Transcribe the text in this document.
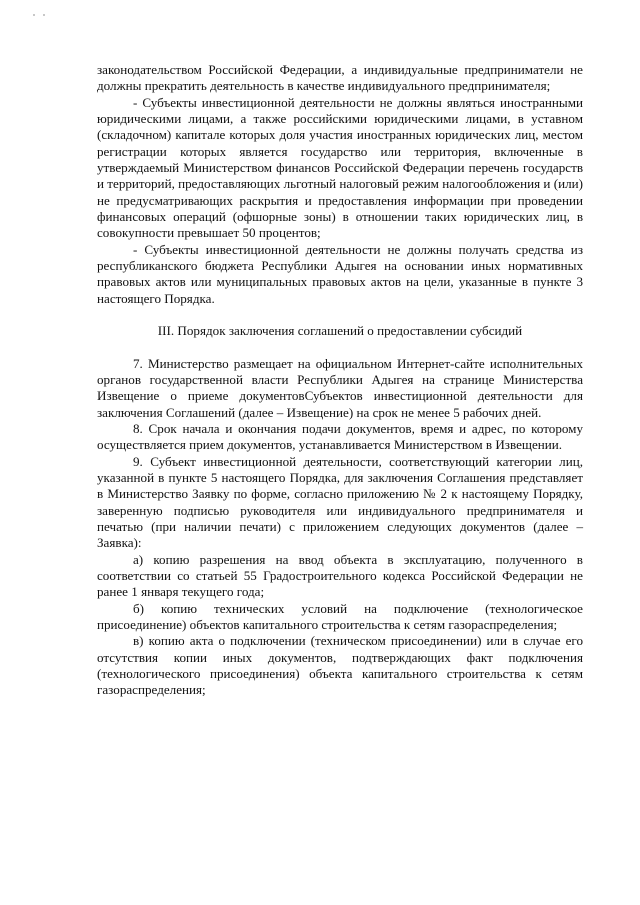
законодательством Российской Федерации, а индивидуальные предприниматели не должны прекратить деятельность в качестве индивидуального предпринимателя;

- Субъекты инвестиционной деятельности не должны являться иностранными юридическими лицами, а также российскими юридическими лицами, в уставном (складочном) капитале которых доля участия иностранных юридических лиц, местом регистрации которых является государство или территория, включенные в утверждаемый Министерством финансов Российской Федерации перечень государств и территорий, предоставляющих льготный налоговый режим налогообложения и (или) не предусматривающих раскрытия и предоставления информации при проведении финансовых операций (офшорные зоны) в отношении таких юридических лиц, в совокупности превышает 50 процентов;

- Субъекты инвестиционной деятельности не должны получать средства из республиканского бюджета Республики Адыгея на основании иных нормативных правовых актов или муниципальных правовых актов на цели, указанные в пункте 3 настоящего Порядка.

III. Порядок заключения соглашений о предоставлении субсидий

7. Министерство размещает на официальном Интернет-сайте исполнительных органов государственной власти Республики Адыгея на странице Министерства Извещение о приеме документовСубъектов инвестиционной деятельности для заключения Соглашений (далее – Извещение) на срок не менее 5 рабочих дней.

8. Срок начала и окончания подачи документов, время и адрес, по которому осуществляется прием документов, устанавливается Министерством в Извещении.

9. Субъект инвестиционной деятельности, соответствующий категории лиц, указанной в пункте 5 настоящего Порядка, для заключения Соглашения представляет в Министерство Заявку по форме, согласно приложению № 2 к настоящему Порядку, заверенную подписью руководителя или индивидуального предпринимателя и печатью (при наличии печати) с приложением следующих документов (далее – Заявка):

а) копию разрешения на ввод объекта в эксплуатацию, полученного в соответствии со статьей 55 Градостроительного кодекса Российской Федерации не ранее 1 января текущего года;

б) копию технических условий на подключение (технологическое присоединение) объектов капитального строительства к сетям газораспределения;

в) копию акта о подключении (техническом присоединении) или в случае его отсутствия копии иных документов, подтверждающих факт подключения (технологического присоединения) объекта капитального строительства к сетям газораспределения;
